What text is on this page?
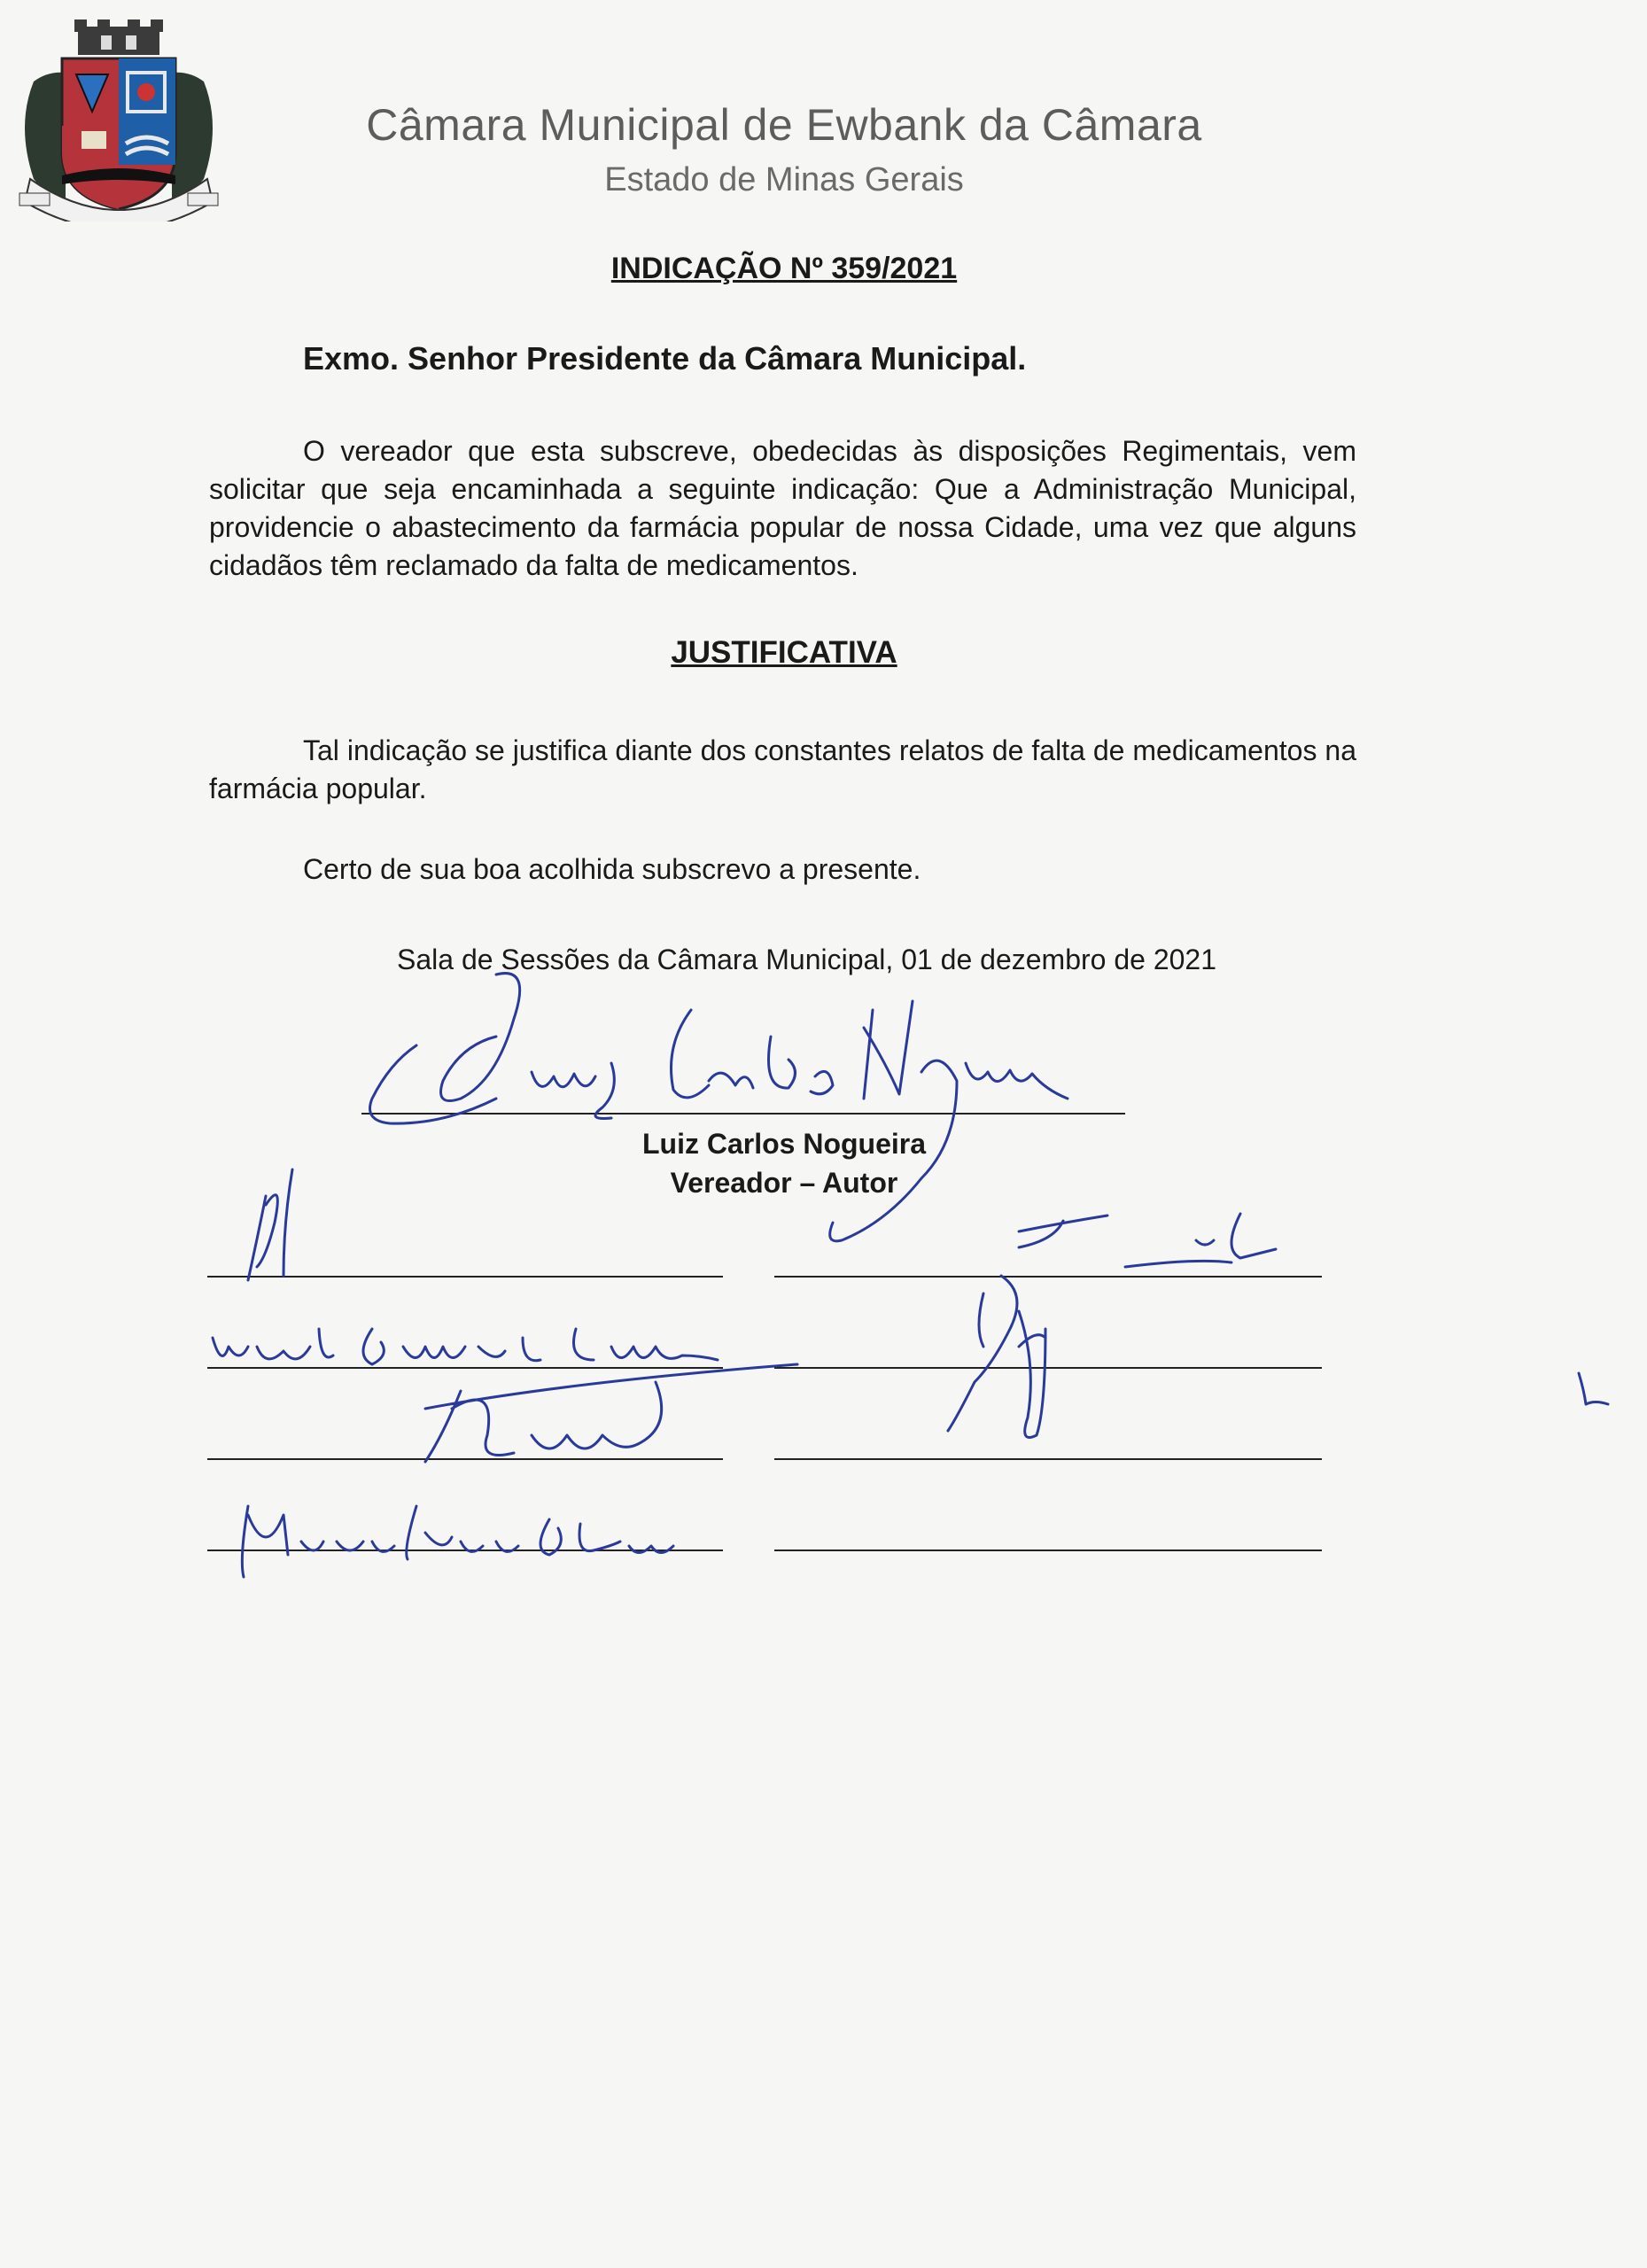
Câmara Municipal de Ewbank da Câmara
Estado de Minas Gerais
INDICAÇÃO Nº 359/2021
Exmo. Senhor Presidente da Câmara Municipal.
O vereador que esta subscreve, obedecidas às disposições Regimentais, vem solicitar que seja encaminhada a seguinte indicação: Que a Administração Municipal, providencie o abastecimento da farmácia popular de nossa Cidade, uma vez que alguns cidadãos têm reclamado da falta de medicamentos.
JUSTIFICATIVA
Tal indicação se justifica diante dos constantes relatos de falta de medicamentos na farmácia popular.
Certo de sua boa acolhida subscrevo a presente.
Sala de Sessões da Câmara Municipal, 01 de dezembro de 2021
Luiz Carlos Nogueira
Vereador – Autor
